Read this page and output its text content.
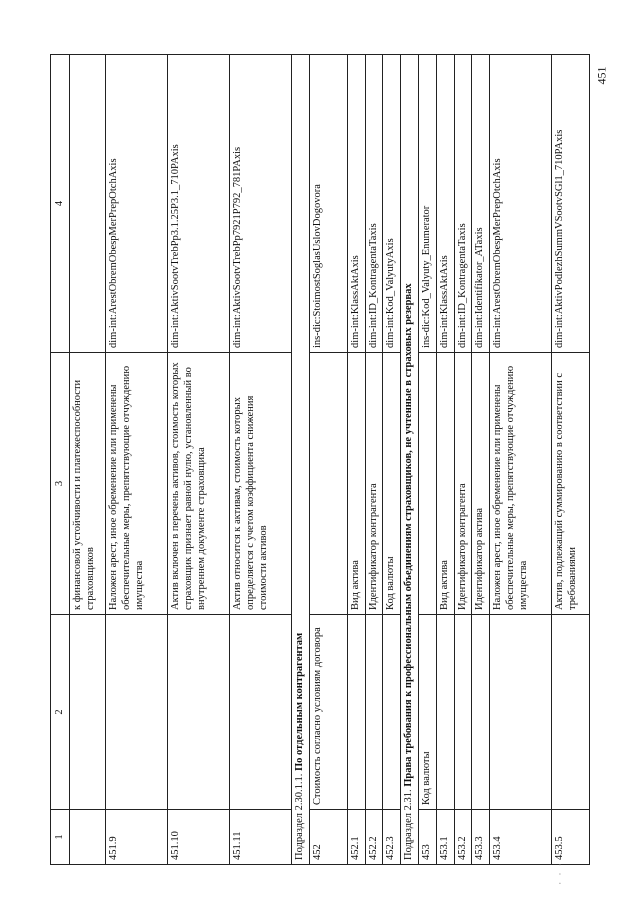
1	2	3	4
		к финансовой устойчивости и платежеспособности страховщиков	
451.9		Наложен арест, иное обременение или применены обеспечительные меры, препятствующие отчуждению имущества	dim-int:ArestObremObespMerPrepOtchAxis
451.10		Актив включен в перечень активов, стоимость которых страховщик признает равной нулю, установленный во внутреннем документе страховщика	dim-int:AktivSootvTrebPp3.1.25P3.1_710PAxis
451.11		Актив относится к активам, стоимость которых определяется с учетом коэффициента снижения стоимости активов	dim-int:AktivSootvTrebPp7921P792_781PAxis
Подраздел 2.30.1.1. По отдельным контрагентам			
452	Стоимость согласно условиям договора		ins-dic:StoimostSoglasUslovDogovora
452.1		Вид актива	dim-int:KlassAktAxis
452.2		Идентификатор контрагента	dim-int:ID_KontragentaTaxis
452.3		Код валюты	dim-int:Kod_ValyutyAxis
Подраздел 2.31. Права требования к профессиональным объединениям страховщиков, не учтенные в страховых резервах			
453	Код валюты		ins-dic:Kod_Valyuty_Enumerator
453.1		Вид актива	dim-int:KlassAktAxis
453.2		Идентификатор контрагента	dim-int:ID_KontragentaTaxis
453.3		Идентификатор актива	dim-int:Identifikator_ATaxis
453.4		Наложен арест, иное обременение или применены обеспечительные меры, препятствующие отчуждению имущества	dim-int:ArestObremObespMerPrepOtchAxis
453.5		Актив, подлежащий суммированию в соответствии с требованиями	dim-int:AktivPodlezhSummVSootvSGl1_710PAxis
451
· · ·
